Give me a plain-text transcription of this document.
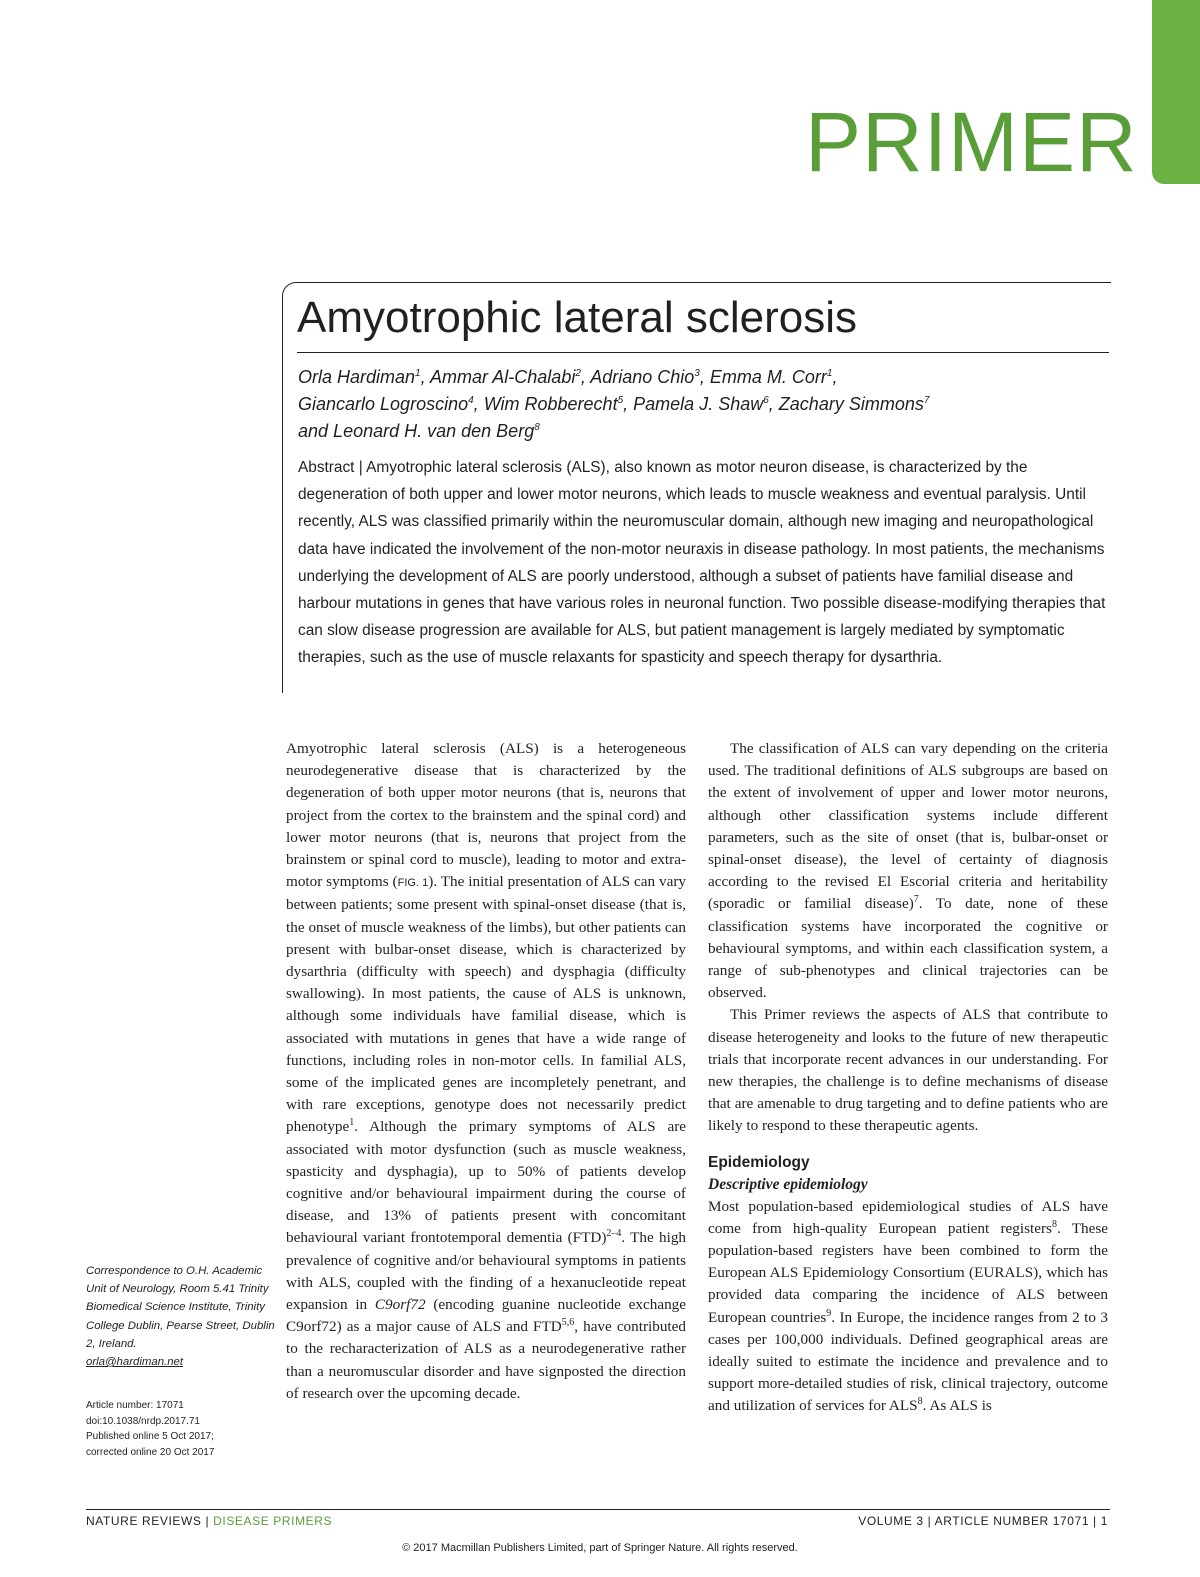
PRIMER
Amyotrophic lateral sclerosis
Orla Hardiman$^1$, Ammar Al-Chalabi$^2$, Adriano Chio$^3$, Emma M. Corr$^1$,
Giancarlo Logroscino$^4$, Wim Robberecht$^5$, Pamela J. Shaw$^6$, Zachary Simmons$^7$
and Leonard H. van den Berg$^8$
Abstract | Amyotrophic lateral sclerosis (ALS), also known as motor neuron disease, is characterized by the degeneration of both upper and lower motor neurons, which leads to muscle weakness and eventual paralysis. Until recently, ALS was classified primarily within the neuromuscular domain, although new imaging and neuropathological data have indicated the involvement of the non-motor neuraxis in disease pathology. In most patients, the mechanisms underlying the development of ALS are poorly understood, although a subset of patients have familial disease and harbour mutations in genes that have various roles in neuronal function. Two possible disease-modifying therapies that can slow disease progression are available for ALS, but patient management is largely mediated by symptomatic therapies, such as the use of muscle relaxants for spasticity and speech therapy for dysarthria.

Amyotrophic lateral sclerosis (ALS) is a heterogeneous neurodegenerative disease that is characterized by the degeneration of both upper motor neurons (that is, neurons that project from the cortex to the brainstem and the spinal cord) and lower motor neurons (that is, neurons that project from the brainstem or spinal cord to muscle), leading to motor and extra-motor symptoms (FIG. 1). The initial presentation of ALS can vary between patients; some present with spinal-onset disease (that is, the onset of muscle weakness of the limbs), but other patients can present with bulbar-onset disease, which is characterized by dysarthria (difficulty with speech) and dysphagia (difficulty swallowing). In most patients, the cause of ALS is unknown, although some individuals have familial disease, which is associated with mutations in genes that have a wide range of functions, including roles in non-motor cells. In familial ALS, some of the implicated genes are incompletely penetrant, and with rare exceptions, genotype does not necessarily predict phenotype$^1$. Although the primary symptoms of ALS are associated with motor dysfunction (such as muscle weakness, spasticity and dysphagia), up to 50% of patients develop cognitive and/or behavioural impairment during the course of disease, and 13% of patients present with concomitant behavioural variant frontotemporal dementia (FTD)$^{2-4}$. The high prevalence of cognitive and/or behavioural symptoms in patients with ALS, coupled with the finding of a hexanucleotide repeat expansion in C9orf72 (encoding guanine nucleotide exchange C9orf72) as a major cause of ALS and FTD$^{5,6}$, have contributed to the recharacterization of ALS as a neurodegenerative rather than a neuromuscular disorder and have signposted the direction of research over the upcoming decade.

The classification of ALS can vary depending on the criteria used. The traditional definitions of ALS subgroups are based on the extent of involvement of upper and lower motor neurons, although other classification systems include different parameters, such as the site of onset (that is, bulbar-onset or spinal-onset disease), the level of certainty of diagnosis according to the revised El Escorial criteria and heritability (sporadic or familial disease)$^7$. To date, none of these classification systems have incorporated the cognitive or behavioural symptoms, and within each classification system, a range of sub-phenotypes and clinical trajectories can be observed.

This Primer reviews the aspects of ALS that contribute to disease heterogeneity and looks to the future of new therapeutic trials that incorporate recent advances in our understanding. For new therapies, the challenge is to define mechanisms of disease that are amenable to drug targeting and to define patients who are likely to respond to these therapeutic agents.

Epidemiology

Descriptive epidemiology

Most population-based epidemiological studies of ALS have come from high-quality European patient registers$^8$. These population-based registers have been combined to form the European ALS Epidemiology Consortium (EURALS), which has provided data comparing the incidence of ALS between European countries$^9$. In Europe, the incidence ranges from 2 to 3 cases per 100,000 individuals. Defined geographical areas are ideally suited to estimate the incidence and prevalence and to support more-detailed studies of risk, clinical trajectory, outcome and utilization of services for ALS$^8$. As ALS is

Correspondence to O.H. Academic Unit of Neurology, Room 5.41 Trinity Biomedical Science Institute, Trinity College Dublin, Pearse Street, Dublin 2, Ireland.
orla@hardiman.net
Article number: 17071
doi:10.1038/nrdp.2017.71
Published online 5 Oct 2017;
corrected online 20 Oct 2017
NATURE REVIEWS | DISEASE PRIMERS	VOLUME 3 | ARTICLE NUMBER 17071 | 1
© 2017 Macmillan Publishers Limited, part of Springer Nature. All rights reserved.
